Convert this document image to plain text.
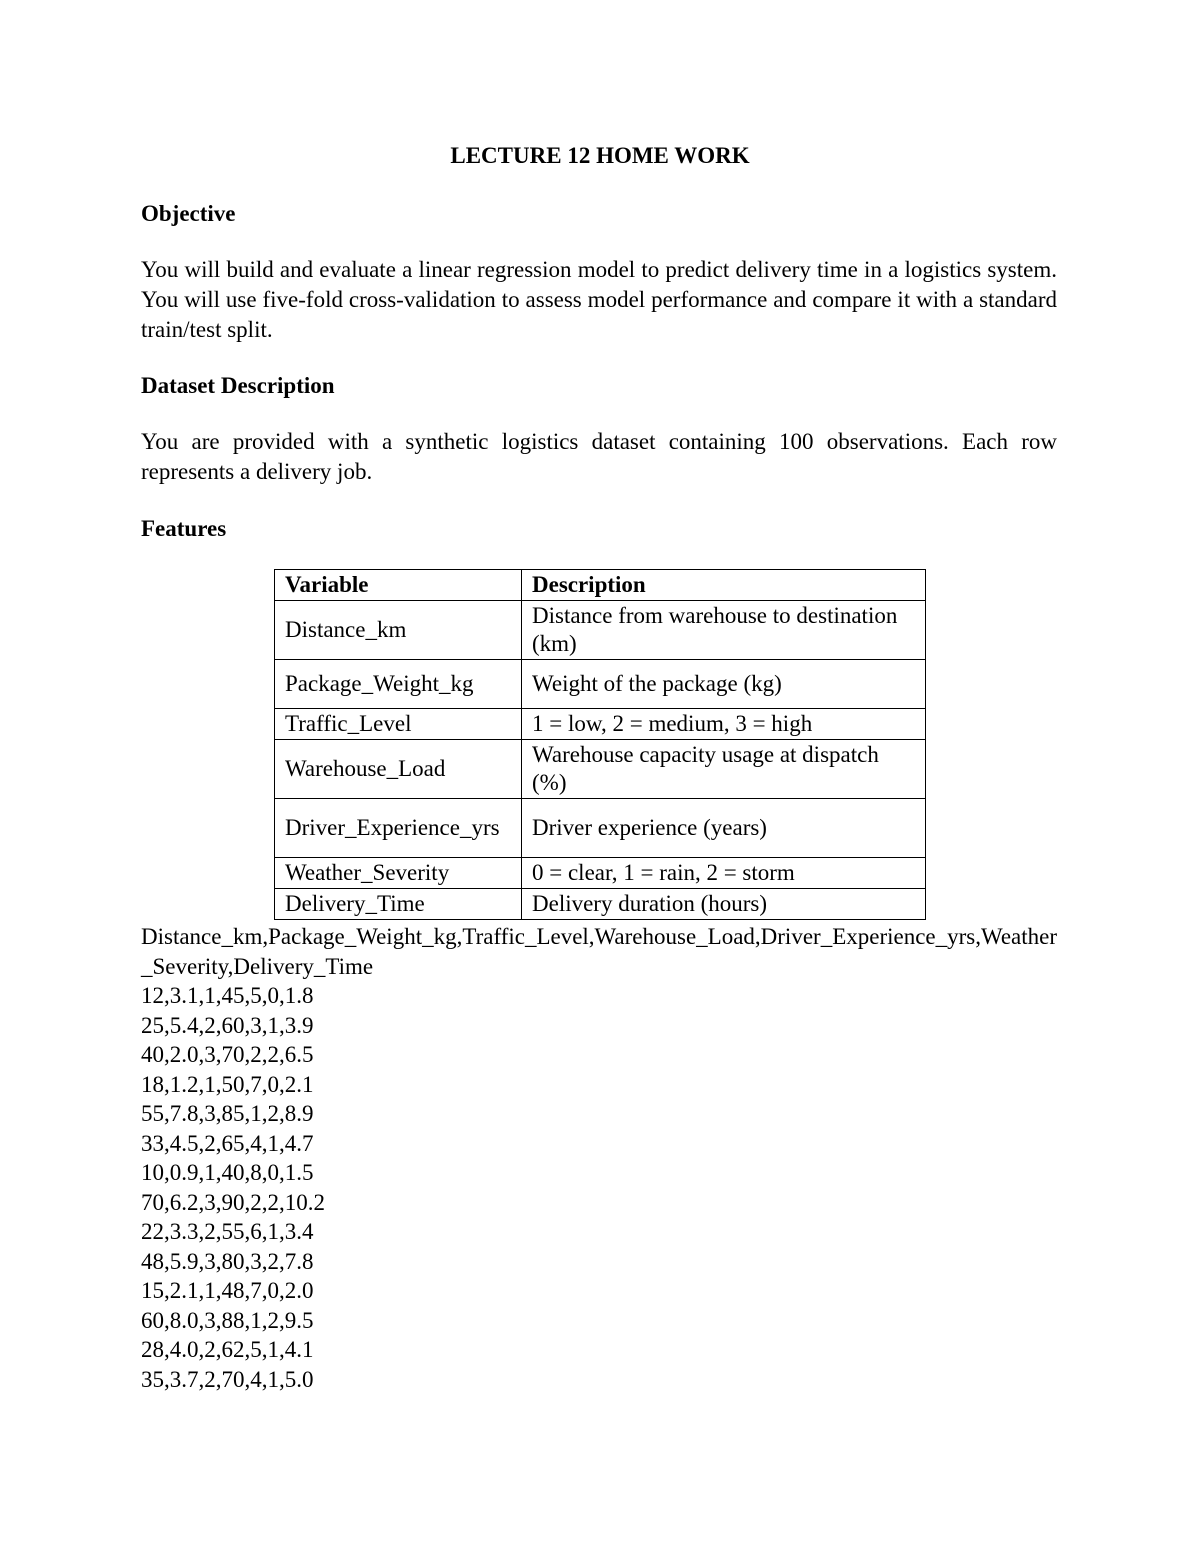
LECTURE 12 HOME WORK
Objective
You will build and evaluate a linear regression model to predict delivery time in a logistics system. You will use five-fold cross-validation to assess model performance and compare it with a standard train/test split.
Dataset Description
You are provided with a synthetic logistics dataset containing 100 observations. Each row represents a delivery job.
Features
Variable	Description
Distance_km	Distance from warehouse to destination (km)
Package_Weight_kg	Weight of the package (kg)
Traffic_Level	1 = low, 2 = medium, 3 = high
Warehouse_Load	Warehouse capacity usage at dispatch (%)
Driver_Experience_yrs	Driver experience (years)
Weather_Severity	0 = clear, 1 = rain, 2 = storm
Delivery_Time	Delivery duration (hours)
Distance_km,Package_Weight_kg,Traffic_Level,Warehouse_Load,Driver_Experience_yrs,Weather_Severity,Delivery_Time
12,3.1,1,45,5,0,1.8
25,5.4,2,60,3,1,3.9
40,2.0,3,70,2,2,6.5
18,1.2,1,50,7,0,2.1
55,7.8,3,85,1,2,8.9
33,4.5,2,65,4,1,4.7
10,0.9,1,40,8,0,1.5
70,6.2,3,90,2,2,10.2
22,3.3,2,55,6,1,3.4
48,5.9,3,80,3,2,7.8
15,2.1,1,48,7,0,2.0
60,8.0,3,88,1,2,9.5
28,4.0,2,62,5,1,4.1
35,3.7,2,70,4,1,5.0
